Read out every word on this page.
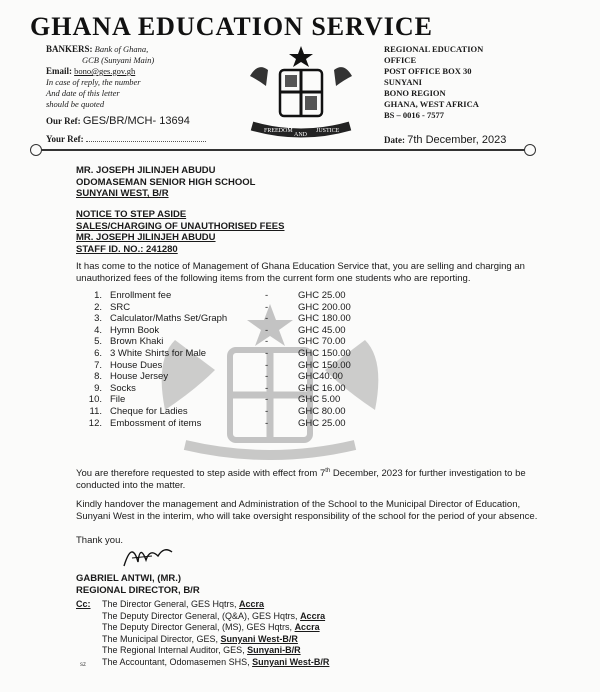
GHANA EDUCATION SERVICE
BANKERS: Bank of Ghana,
GCB (Sunyani Main)
Email: bono@ges.gov.gh
In case of reply, the number
And date of this letter
should be quoted
REGIONAL EDUCATION
OFFICE
POST OFFICE BOX 30
SUNYANI
BONO REGION
GHANA, WEST AFRICA
BS – 0016 - 7577
FREEDOM
AND
JUSTICE
Our Ref: GES/BR/MCH- 13694
Your Ref:	Date: 7th December, 2023
MR. JOSEPH JILINJEH ABUDU
ODOMASEMAN SENIOR HIGH SCHOOL
SUNYANI WEST, B/R
NOTICE TO STEP ASIDE
SALES/CHARGING OF UNAUTHORISED FEES
MR. JOSEPH JILINJEH ABUDU
STAFF ID. NO.: 241280
It has come to the notice of Management of Ghana Education Service that, you are selling and charging an unauthorized fees of the following items from the current form one students who are reporting.
1. Enrollment fee	-	GHC 25.00
2. SRC	-	GHC 200.00
3. Calculator/Maths Set/Graph	-	GHC 180.00
4. Hymn Book	-	GHC 45.00
5. Brown Khaki	-	GHC 70.00
6. 3 White Shirts for Male	-	GHC 150.00
7. House Dues	-	GHC 150.00
8. House Jersey	-	GHC40.00
9. Socks	-	GHC 16.00
10. File	-	GHC 5.00
11. Cheque for Ladies	-	GHC 80.00
12. Embossment of items	-	GHC 25.00
You are therefore requested to step aside with effect from 7th December, 2023 for further investigation to be conducted into the matter.
Kindly handover the management and Administration of the School to the Municipal Director of Education, Sunyani West in the interim, who will take oversight responsibility of the school for the period of your absence.
Thank you.
GABRIEL ANTWI, (MR.)
REGIONAL DIRECTOR, B/R
Cc: The Director General, GES Hqtrs, Accra
The Deputy Director General, (Q&A), GES Hqtrs, Accra
The Deputy Director General, (MS), GES Hqtrs, Accra
The Municipal Director, GES, Sunyani West-B/R
The Regional Internal Auditor, GES, Sunyani-B/R
The Accountant, Odomasemen SHS, Sunyani West-B/R
sz
